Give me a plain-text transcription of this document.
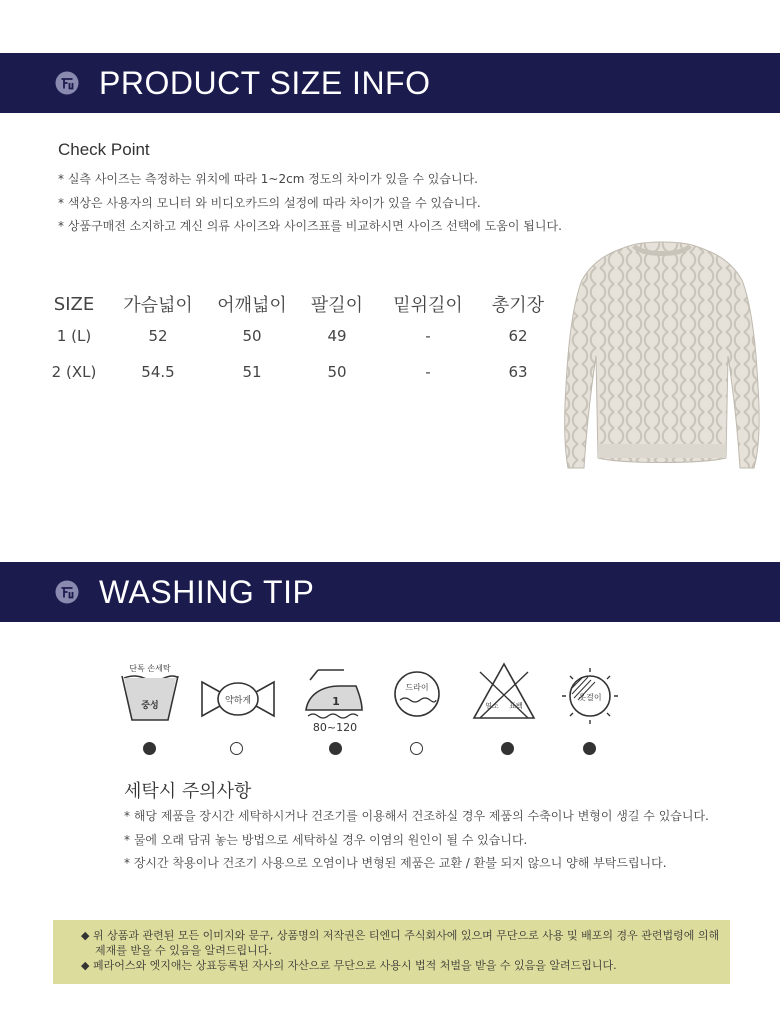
PRODUCT SIZE INFO
Check Point
* 실측 사이즈는 측정하는 위치에 따라 1~2cm 정도의 차이가 있을 수 있습니다.
* 색상은 사용자의 모니터 와 비디오카드의 설정에 따라 차이가 있을 수 있습니다.
* 상품구매전 소지하고 계신 의류 사이즈와 사이즈표를 비교하시면 사이즈 선택에 도움이 됩니다.
SIZE	가슴넓이	어깨넓이	팔길이	밑위길이	총기장
1 (L)	52	50	49	-	62
2 (XL)	54.5	51	50	-	63
WASHING TIP
단독 손세탁
중성	약하게	1
80~120
드라이
염소 표백
옷걸이
세탁시 주의사항
* 해당 제품을 장시간 세탁하시거나 건조기를 이용해서 건조하실 경우 제품의 수축이나 변형이 생길 수 있습니다.
* 물에 오래 담궈 놓는 방법으로 세탁하실 경우 이염의 원인이 될 수 있습니다.
* 장시간 착용이나 건조기 사용으로 오염이나 변형된 제품은 교환 / 환불 되지 않으니 양해 부탁드립니다.

◆ 위 상품과 관련된 모든 이미지와 문구, 상품명의 저작권은 티엔디 주식회사에 있으며 무단으로 사용 및 배포의 경우 관련법령에 의해

제재를 받을 수 있음을 알려드립니다.

◆ 페라어스와 엣지애는 상표등록된 자사의 자산으로 무단으로 사용시 법적 처벌을 받을 수 있음을 알려드립니다.
